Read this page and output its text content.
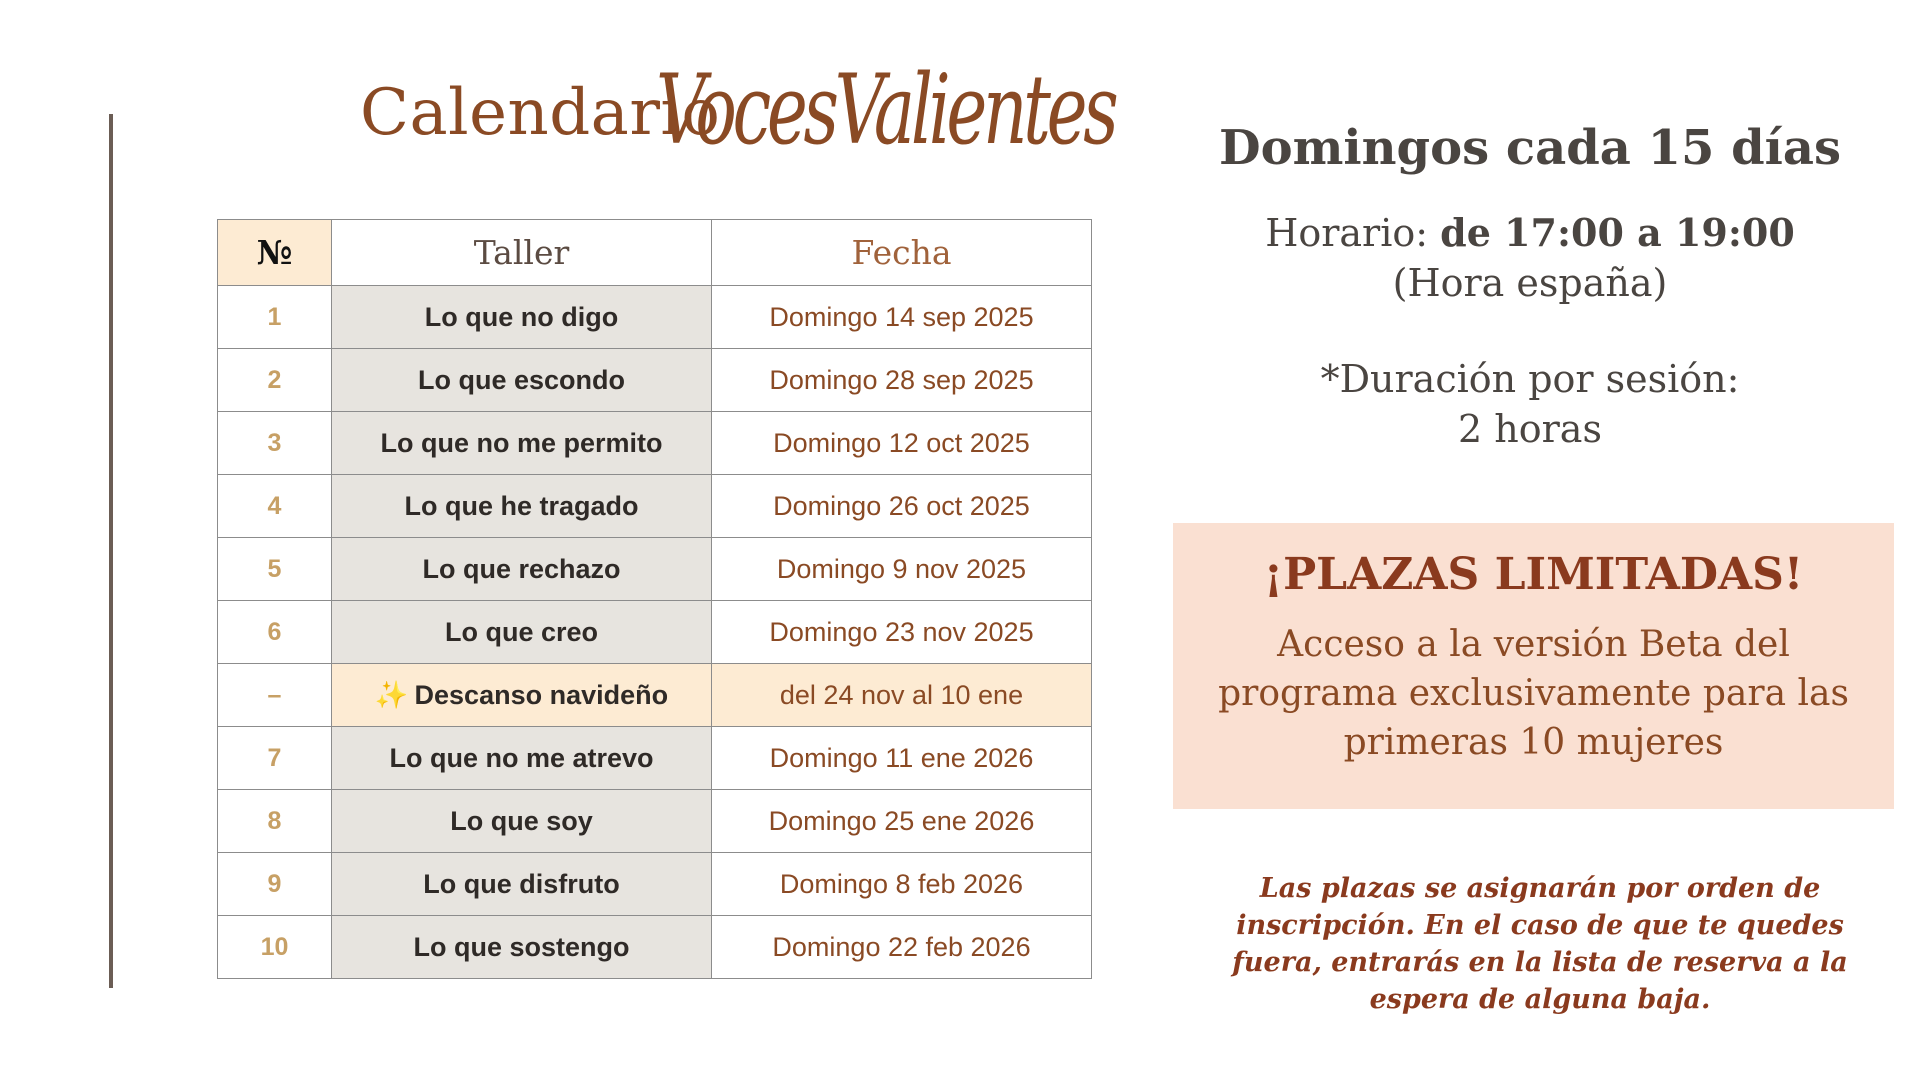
Calendario
VocesValientes
№	Taller	Fecha
1	Lo que no digo	Domingo 14 sep 2025
2	Lo que escondo	Domingo 28 sep 2025
3	Lo que no me permito	Domingo 12 oct 2025
4	Lo que he tragado	Domingo 26 oct 2025
5	Lo que rechazo	Domingo 9 nov 2025
6	Lo que creo	Domingo 23 nov 2025
–	✨ Descanso navideño	del 24 nov al 10 ene
7	Lo que no me atrevo	Domingo 11 ene 2026
8	Lo que soy	Domingo 25 ene 2026
9	Lo que disfruto	Domingo 8 feb 2026
10	Lo que sostengo	Domingo 22 feb 2026
Domingos cada 15 días
Horario: de 17:00 a 19:00
(Hora españa)
*Duración por sesión: 2 horas
¡PLAZAS LIMITADAS!
Acceso a la versión Beta del programa exclusivamente para las primeras 10 mujeres
Las plazas se asignarán por orden de inscripción. En el caso de que te quedes fuera, entrarás en la lista de reserva a la espera de alguna baja.
